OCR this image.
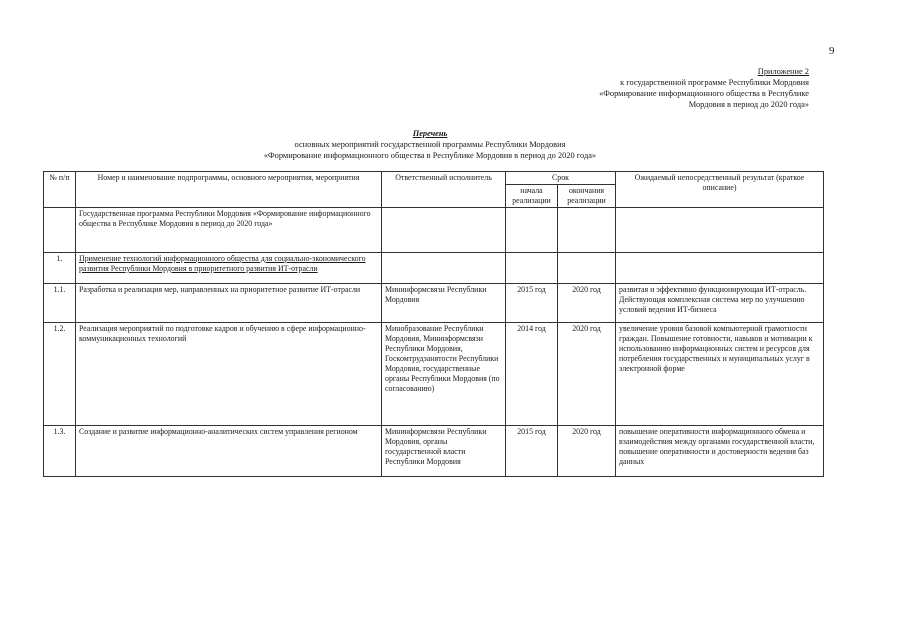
9
Приложение 2
к государственной программе Республики Мордовия
«Формирование информационного общества в Республике
Мордовия в период до 2020 года»
Перечень
основных мероприятий государственной программы Республики Мордовия
«Формирование информационного общества в Республике Мордовия в период до 2020 года»
№ п/п	Номер и наименование подпрограммы, основного мероприятия, мероприятия	Ответственный исполнитель	Срок		Ожидаемый непосредственный результат (краткое описание)
			начала реализации	окончания реализации	
	Государственная программа Республики Мордовия «Формирование информационного общества в Республике Мордовия в период до 2020 года»				
1.	Применение технологий информационного общества для социально-экономического развития Республики Мордовия в приоритетного развития ИТ-отрасли				
1.1.	Разработка и реализация мер, направленных на приоритетное развитие ИТ-отрасли	Мининформсвязи Республики Мордовия	2015 год	2020 год	развитая и эффективно функционирующая ИТ-отрасль. Действующая комплексная система мер по улучшению условий ведения ИТ-бизнеса
1.2.	Реализация мероприятий по подготовке кадров и обучению в сфере информационно-коммуникационных технологий	Минобразование Республики Мордовия, Мининформсвязи Республики Мордовия, Госкомтрудзанятости Республики Мордовия, государственные органы Республики Мордовия (по согласованию)	2014 год	2020 год	увеличение уровня базовой компьютерной грамотности граждан. Повышение готовности, навыков и мотивации к использованию информационных систем и ресурсов для потребления государственных и муниципальных услуг в электронной форме
1.3.	Создание и развитие информационно-аналитических систем управления регионом	Мининформсвязи Республики Мордовия, органы государственной власти Республики Мордовия	2015 год	2020 год	повышение оперативности информационного обмена и взаимодействия между органами государственной власти, повышение оперативности и достоверности ведения баз данных
